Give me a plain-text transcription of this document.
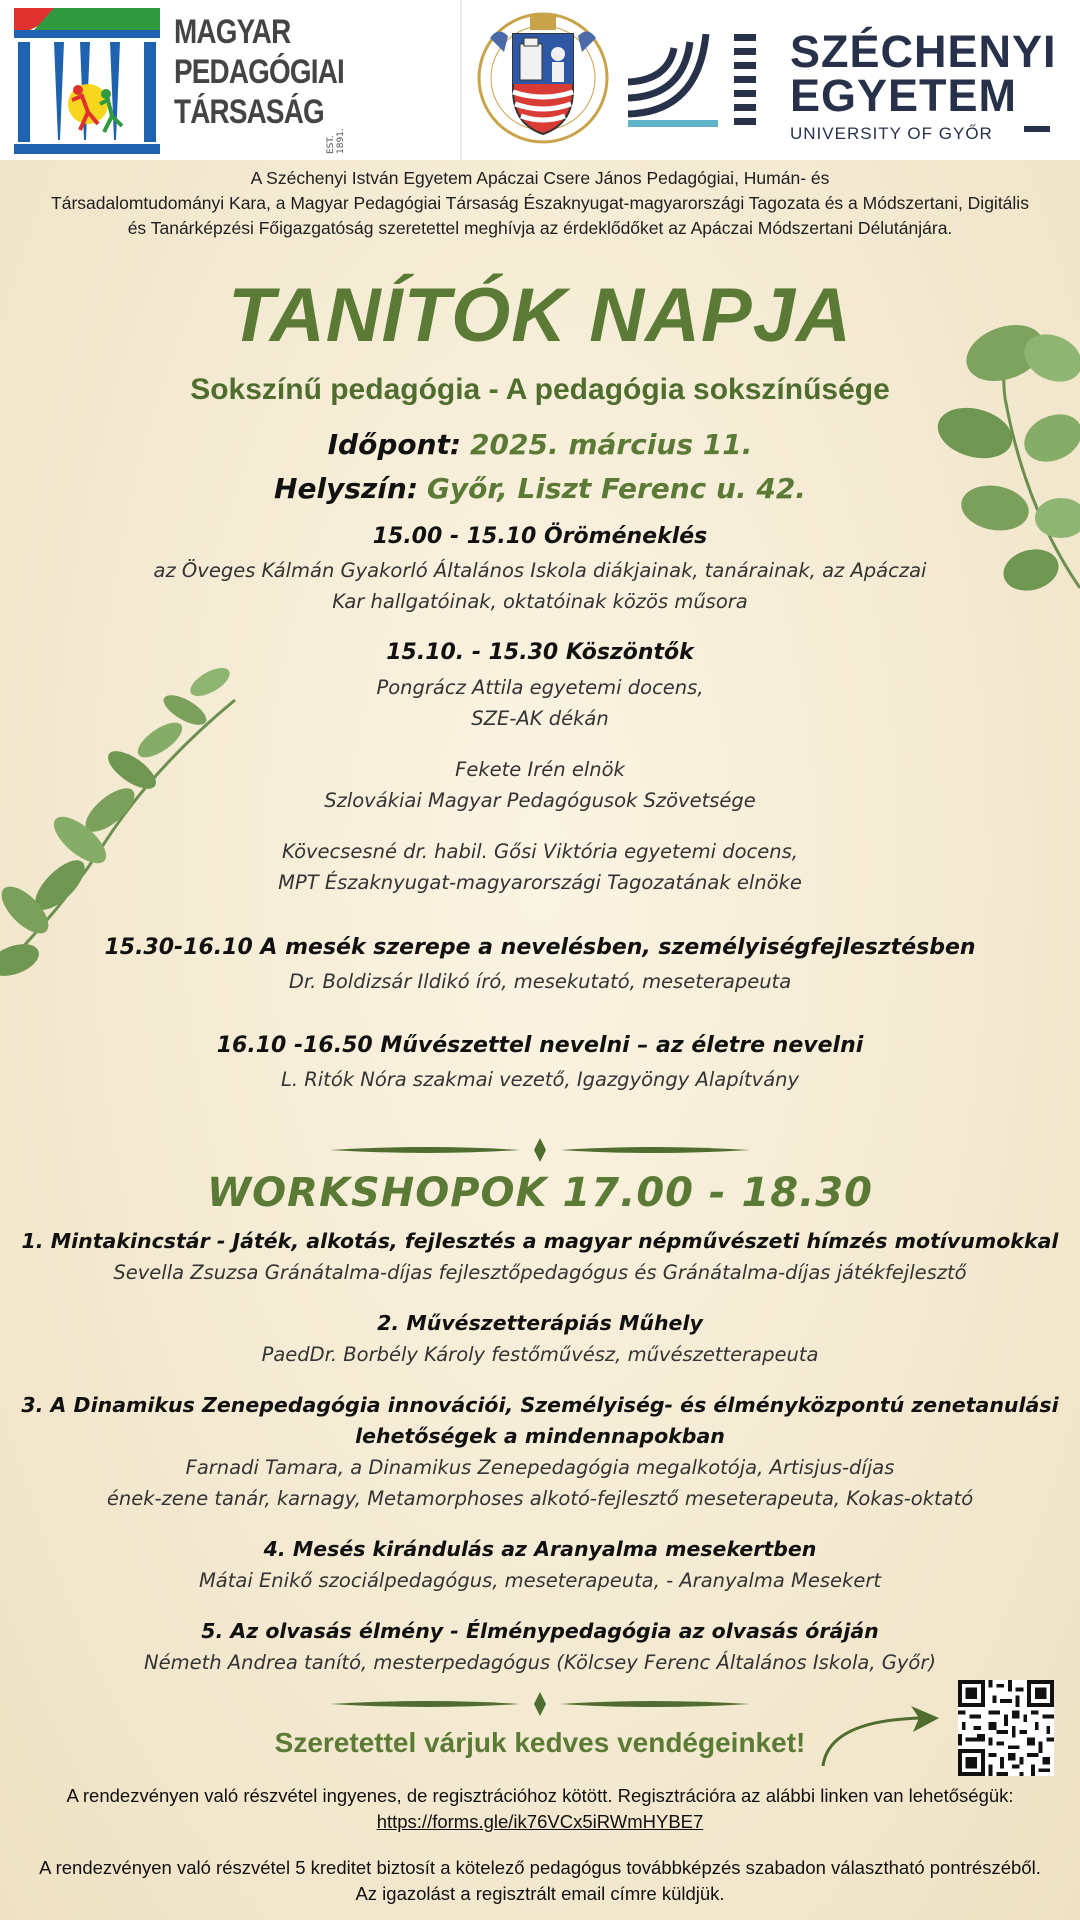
MAGYAR
PEDAGÓGIAI
TÁRSASÁG
EST. 1891.
SZÉCHENYI
EGYETEM
UNIVERSITY OF GYŐR
A Széchenyi István Egyetem Apáczai Csere János Pedagógiai, Humán- és
Társadalomtudományi Kara, a Magyar Pedagógiai Társaság Északnyugat-magyarországi Tagozata és a Módszertani, Digitális
és Tanárképzési Főigazgatóság szeretettel meghívja az érdeklődőket az Apáczai Módszertani Délutánjára.
TANÍTÓK NAPJA
Sokszínű pedagógia - A pedagógia sokszínűsége
Időpont: 2025. március 11.
Helyszín: Győr, Liszt Ferenc u. 42.
15.00 - 15.10 Öröméneklés
az Öveges Kálmán Gyakorló Általános Iskola diákjainak, tanárainak, az Apáczai
Kar hallgatóinak, oktatóinak közös műsora
15.10. - 15.30 Köszöntők
Pongrácz Attila egyetemi docens,
SZE-AK dékán
Fekete Irén elnök
Szlovákiai Magyar Pedagógusok Szövetsége
Kövecsesné dr. habil. Gősi Viktória egyetemi docens,
MPT Északnyugat-magyarországi Tagozatának elnöke
15.30-16.10 A mesék szerepe a nevelésben, személyiségfejlesztésben
Dr. Boldizsár Ildikó író, mesekutató, meseterapeuta
16.10 -16.50 Művészettel nevelni – az életre nevelni
L. Ritók Nóra szakmai vezető, Igazgyöngy Alapítvány
WORKSHOPOK 17.00 - 18.30
1. Mintakincstár - Játék, alkotás, fejlesztés a magyar népművészeti hímzés motívumokkal
Sevella Zsuzsa Gránátalma-díjas fejlesztőpedagógus és Gránátalma-díjas játékfejlesztő
2. Művészetterápiás Műhely
PaedDr. Borbély Károly festőművész, művészetterapeuta
3. A Dinamikus Zenepedagógia innovációi, Személyiség- és élményközpontú zenetanulási
lehetőségek a mindennapokban
Farnadi Tamara, a Dinamikus Zenepedagógia megalkotója, Artisjus-díjas
ének-zene tanár, karnagy, Metamorphoses alkotó-fejlesztő meseterapeuta, Kokas-oktató
4. Mesés kirándulás az Aranyalma mesekertben
Mátai Enikő szociálpedagógus, meseterapeuta, - Aranyalma Mesekert
5. Az olvasás élmény - Élménypedagógia az olvasás óráján
Németh Andrea tanító, mesterpedagógus (Kölcsey Ferenc Általános Iskola, Győr)
Szeretettel várjuk kedves vendégeinket!
A rendezvényen való részvétel ingyenes, de regisztrációhoz kötött. Regisztrációra az alábbi linken van lehetőségük:
https://forms.gle/ik76VCx5iRWmHYBE7
A rendezvényen való részvétel 5 kreditet biztosít a kötelező pedagógus továbbképzés szabadon választható pontrészéből.
Az igazolást a regisztrált email címre küldjük.
